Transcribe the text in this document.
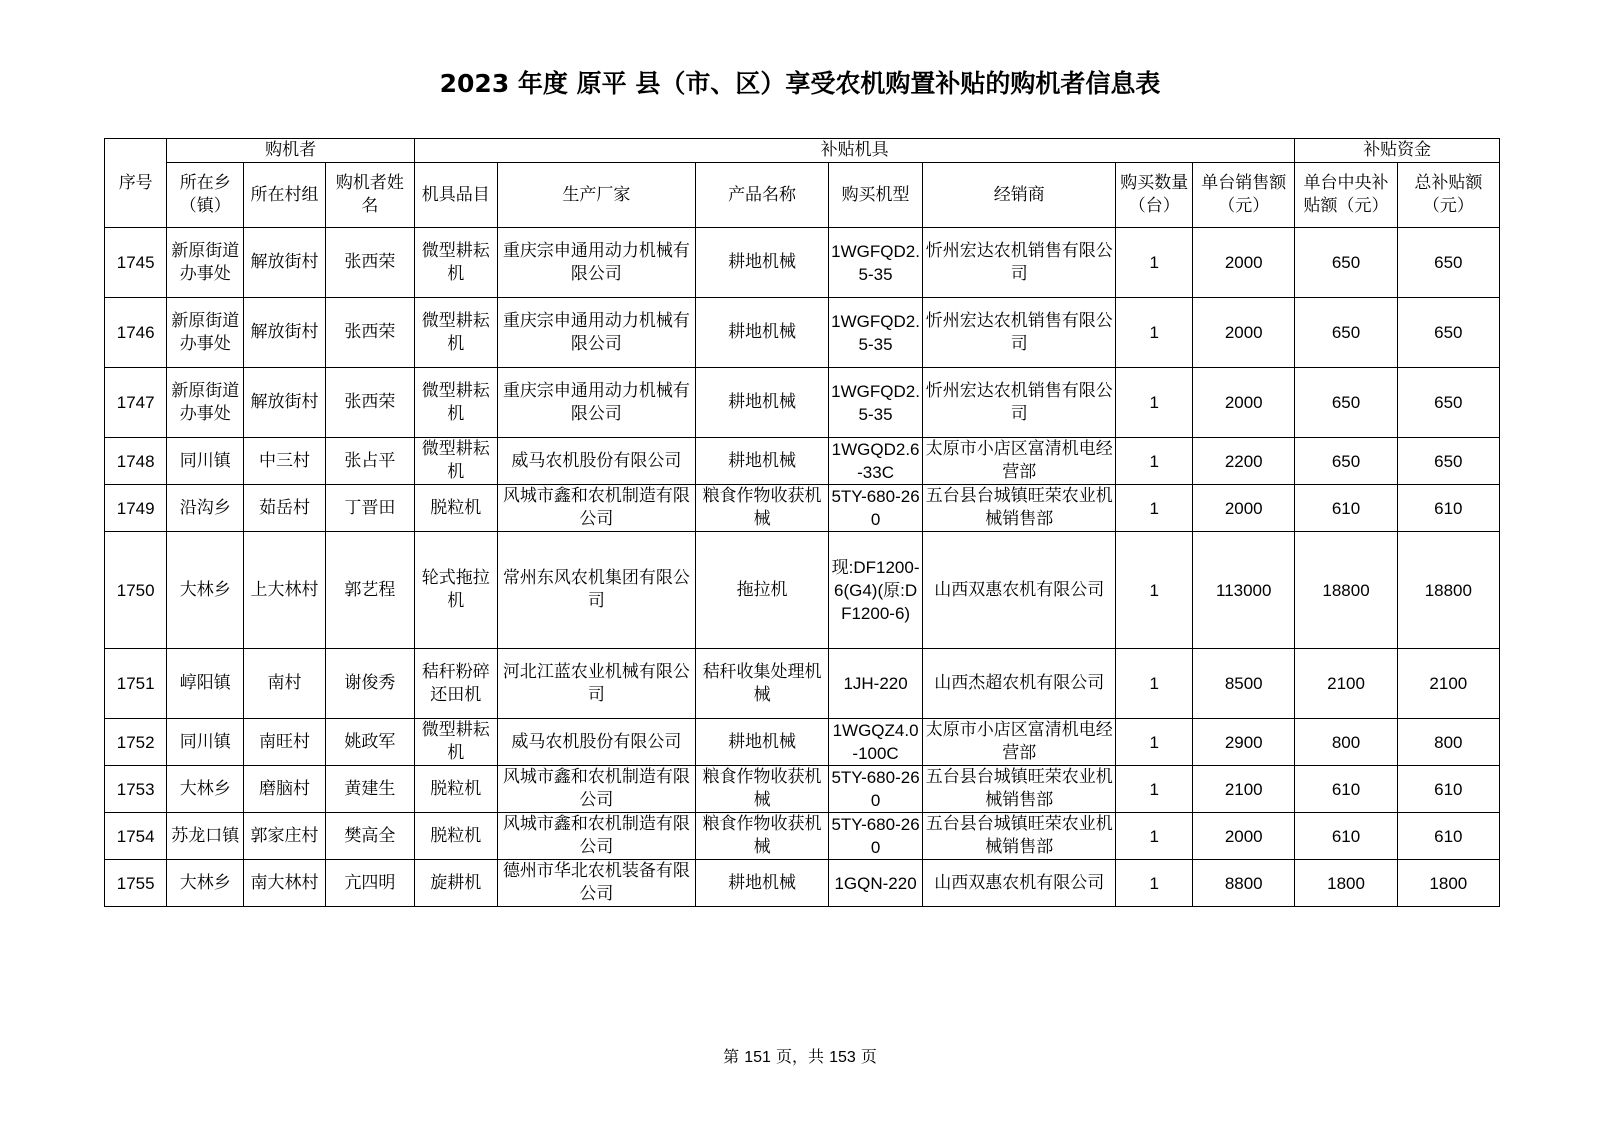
2023 年度 原平 县（市、区）享受农机购置补贴的购机者信息表
序号	购机者			补贴机具							补贴资金	
	所在乡（镇）	所在村组	购机者姓名	机具品目	生产厂家	产品名称	购买机型	经销商	购买数量（台）	单台销售额（元）	单台中央补贴额（元）	总补贴额（元）
1745	新原街道办事处	解放街村	张西荣	微型耕耘机	重庆宗申通用动力机械有限公司	耕地机械	1WGFQD2.5-35	忻州宏达农机销售有限公司	1	2000	650	650
1746	新原街道办事处	解放街村	张西荣	微型耕耘机	重庆宗申通用动力机械有限公司	耕地机械	1WGFQD2.5-35	忻州宏达农机销售有限公司	1	2000	650	650
1747	新原街道办事处	解放街村	张西荣	微型耕耘机	重庆宗申通用动力机械有限公司	耕地机械	1WGFQD2.5-35	忻州宏达农机销售有限公司	1	2000	650	650
1748	同川镇	中三村	张占平	微型耕耘机	威马农机股份有限公司	耕地机械	1WGQD2.6-33C	太原市小店区富清机电经营部	1	2200	650	650
1749	沿沟乡	茹岳村	丁晋田	脱粒机	风城市鑫和农机制造有限公司	粮食作物收获机械	5TY-680-260	五台县台城镇旺荣农业机械销售部	1	2000	610	610
1750	大林乡	上大林村	郭艺程	轮式拖拉机	常州东风农机集团有限公司	拖拉机	现:DF1200-6(G4)(原:DF1200-6)	山西双惠农机有限公司	1	113000	18800	18800
1751	崞阳镇	南村	谢俊秀	秸秆粉碎还田机	河北江蓝农业机械有限公司	秸秆收集处理机械	1JH-220	山西杰超农机有限公司	1	8500	2100	2100
1752	同川镇	南旺村	姚政军	微型耕耘机	威马农机股份有限公司	耕地机械	1WGQZ4.0-100C	太原市小店区富清机电经营部	1	2900	800	800
1753	大林乡	磨脑村	黄建生	脱粒机	风城市鑫和农机制造有限公司	粮食作物收获机械	5TY-680-260	五台县台城镇旺荣农业机械销售部	1	2100	610	610
1754	苏龙口镇	郭家庄村	樊高全	脱粒机	风城市鑫和农机制造有限公司	粮食作物收获机械	5TY-680-260	五台县台城镇旺荣农业机械销售部	1	2000	610	610
1755	大林乡	南大林村	亢四明	旋耕机	德州市华北农机装备有限公司	耕地机械	1GQN-220	山西双惠农机有限公司	1	8800	1800	1800
第 151 页，共 153 页
